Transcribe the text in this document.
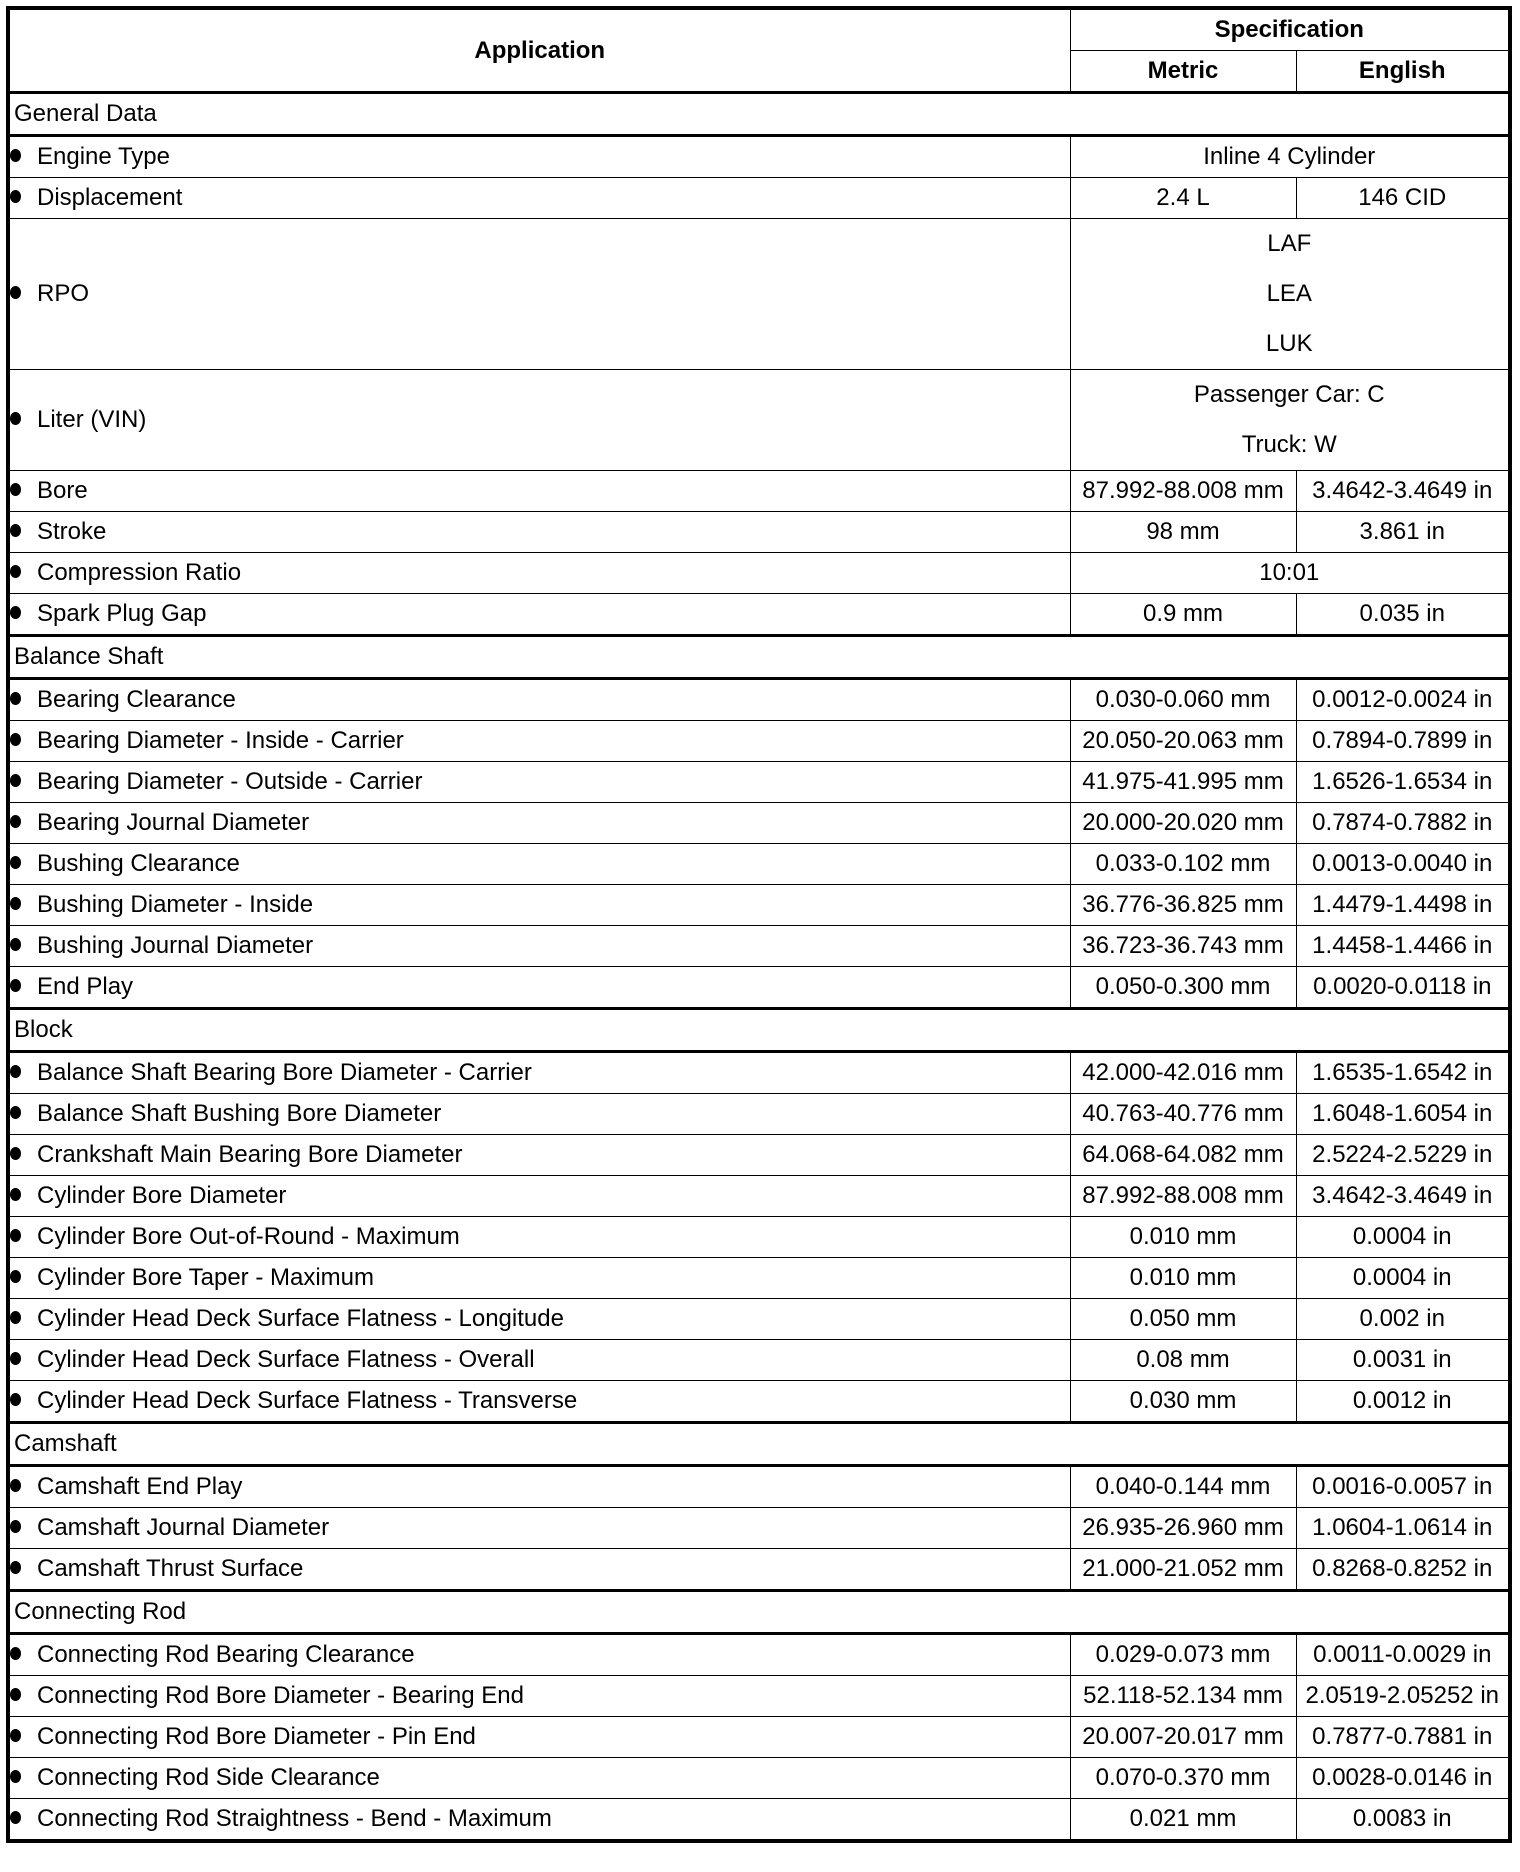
Application	Specification	
	Metric	English
General Data		
Engine Type	Inline 4 Cylinder	
Displacement	2.4 L	146 CID
RPO	LAF
LEA
LUK	

Liter (VIN)	Passenger Car: C
Truck: W	

Bore	87.992-88.008 mm	3.4642-3.4649 in
Stroke	98 mm	3.861 in
Compression Ratio	10:01	
Spark Plug Gap	0.9 mm	0.035 in
Balance Shaft		
Bearing Clearance	0.030-0.060 mm	0.0012-0.0024 in
Bearing Diameter - Inside - Carrier	20.050-20.063 mm	0.7894-0.7899 in
Bearing Diameter - Outside - Carrier	41.975-41.995 mm	1.6526-1.6534 in
Bearing Journal Diameter	20.000-20.020 mm	0.7874-0.7882 in
Bushing Clearance	0.033-0.102 mm	0.0013-0.0040 in
Bushing Diameter - Inside	36.776-36.825 mm	1.4479-1.4498 in
Bushing Journal Diameter	36.723-36.743 mm	1.4458-1.4466 in
End Play	0.050-0.300 mm	0.0020-0.0118 in
Block		
Balance Shaft Bearing Bore Diameter - Carrier	42.000-42.016 mm	1.6535-1.6542 in
Balance Shaft Bushing Bore Diameter	40.763-40.776 mm	1.6048-1.6054 in
Crankshaft Main Bearing Bore Diameter	64.068-64.082 mm	2.5224-2.5229 in
Cylinder Bore Diameter	87.992-88.008 mm	3.4642-3.4649 in
Cylinder Bore Out-of-Round - Maximum	0.010 mm	0.0004 in
Cylinder Bore Taper - Maximum	0.010 mm	0.0004 in
Cylinder Head Deck Surface Flatness - Longitude	0.050 mm	0.002 in
Cylinder Head Deck Surface Flatness - Overall	0.08 mm	0.0031 in
Cylinder Head Deck Surface Flatness - Transverse	0.030 mm	0.0012 in
Camshaft		
Camshaft End Play	0.040-0.144 mm	0.0016-0.0057 in
Camshaft Journal Diameter	26.935-26.960 mm	1.0604-1.0614 in
Camshaft Thrust Surface	21.000-21.052 mm	0.8268-0.8252 in
Connecting Rod		
Connecting Rod Bearing Clearance	0.029-0.073 mm	0.0011-0.0029 in
Connecting Rod Bore Diameter - Bearing End	52.118-52.134 mm	2.0519-2.05252 in
Connecting Rod Bore Diameter - Pin End	20.007-20.017 mm	0.7877-0.7881 in
Connecting Rod Side Clearance	0.070-0.370 mm	0.0028-0.0146 in
Connecting Rod Straightness - Bend - Maximum	0.021 mm	0.0083 in
